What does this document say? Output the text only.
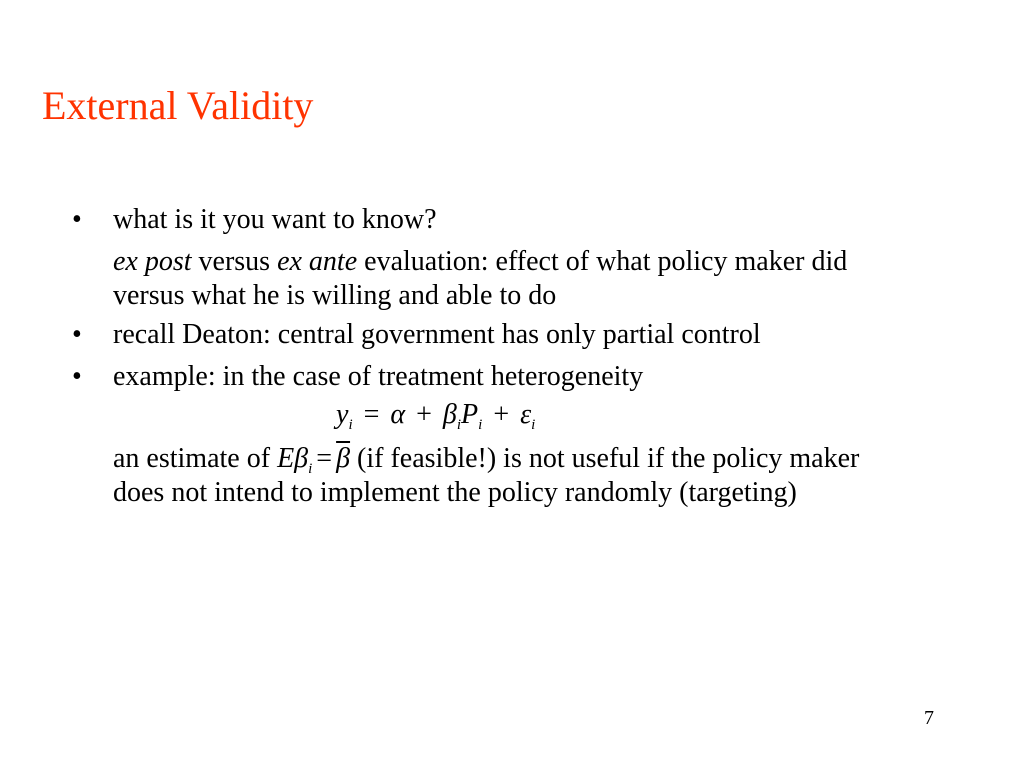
External Validity
• what is it you want to know?
ex post versus ex ante evaluation: effect of what policy maker did versus what he is willing and able to do
• recall Deaton: central government has only partial control
• example: in the case of treatment heterogeneity
$y_i = \alpha + \beta_iP_i + \varepsilon_i$
an estimate of $E\beta_i = \overline{\beta}$ (if feasible!) is not useful if the policy maker does not intend to implement the policy randomly (targeting)
7
